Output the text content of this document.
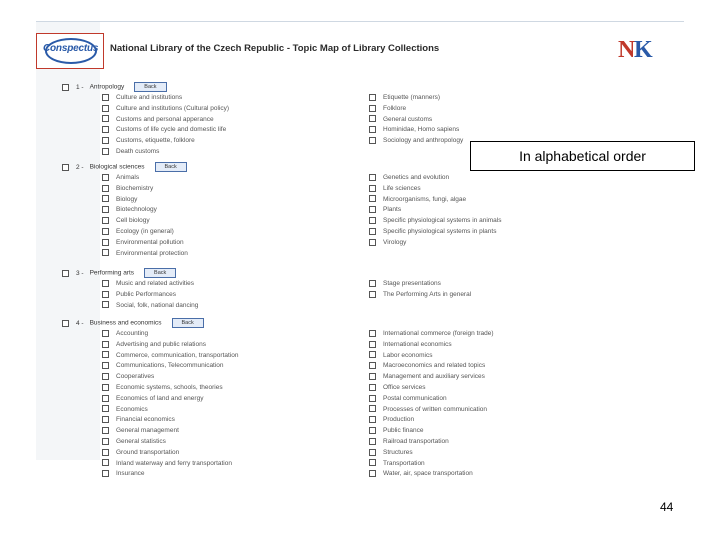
Conspectus National Library of the Czech Republic - Topic Map of Library Collections	N
K
1 - Antropology	Back
Culture and institutions
Culture and institutions (Cultural policy)
Customs and personal apperance
Customs of life cycle and domestic life
Customs, etiquette, folklore
Death customs
Etiquette (manners)
Folklore
General customs
Hominidae, Homo sapiens
Sociology and anthropology
2 - Biological sciences	Back
Animals
Biochemistry
Biology
Biotechnology
Cell biology
Ecology (in general)
Environmental pollution
Environmental protection
Genetics and evolution
Life sciences
Microorganisms, fungi, algae
Plants
Specific physiological systems in animals
Specific physiological systems in plants
Virology
3 - Performing arts	Back
Music and related activities
Public Performances
Social, folk, national dancing
Stage presentations
The Performing Arts in general
4 - Business and economics	Back
Accounting
Advertising and public relations
Commerce, communication, transportation
Communications, Telecommunication
Cooperatives
Economic systems, schools, theories
Economics of land and energy
Economics
Financial economics
General management
General statistics
Ground transportation
Inland waterway and ferry transportation
Insurance
International commerce (foreign trade)
International economics
Labor economics
Macroeconomics and related topics
Management and auxiliary services
Office services
Postal communication
Processes of written communication
Production
Public finance
Railroad transportation
Structures
Transportation
Water, air, space transportation
In alphabetical order
44
